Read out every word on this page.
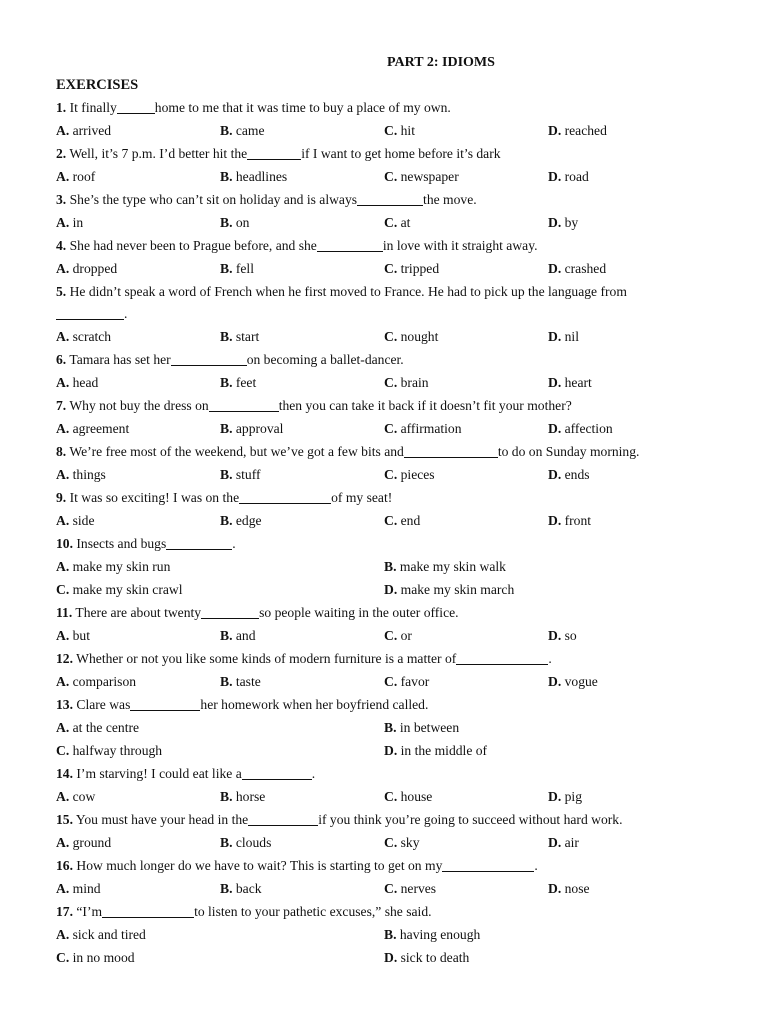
PART 2: IDIOMS
EXERCISES
1. It finally	home to me that it was time to buy a place of my own.
A. arrived	B. came	C. hit	D. reached
2. Well, it’s 7 p.m. I’d better hit the	if I want to get home before it’s dark
A. roof	B. headlines	C. newspaper	D. road
3. She’s the type who can’t sit on holiday and is always	the move.
A. in	B. on	C. at	D. by
4. She had never been to Prague before, and she	in love with it straight away.
A. dropped	B. fell	C. tripped	D. crashed
5. He didn’t speak a word of French when he first moved to France. He had to pick up the language from
.
A. scratch	B. start	C. nought	D. nil
6. Tamara has set her	on becoming a ballet-dancer.
A. head	B. feet	C. brain	D. heart
7. Why not buy the dress on	then you can take it back if it doesn’t fit your mother?
A. agreement	B. approval	C. affirmation	D. affection
8. We’re free most of the weekend, but we’ve got a few bits and	to do on Sunday morning.
A. things	B. stuff	C. pieces	D. ends
9. It was so exciting! I was on the	of my seat!
A. side	B. edge	C. end	D. front
10. Insects and bugs	.
A. make my skin run	B. make my skin walk
C. make my skin crawl	D. make my skin march
11. There are about twenty	so people waiting in the outer office.
A. but	B. and	C. or	D. so
12. Whether or not you like some kinds of modern furniture is a matter of	.
A. comparison	B. taste	C. favor	D. vogue
13. Clare was	her homework when her boyfriend called.
A. at the centre	B. in between
C. halfway through	D. in the middle of
14. I’m starving! I could eat like a	.
A. cow	B. horse	C. house	D. pig
15. You must have your head in the	if you think you’re going to succeed without hard work.
A. ground	B. clouds	C. sky	D. air
16. How much longer do we have to wait? This is starting to get on my	.
A. mind	B. back	C. nerves	D. nose
17. “I’m	to listen to your pathetic excuses,” she said.
A. sick and tired	B. having enough
C. in no mood	D. sick to death
